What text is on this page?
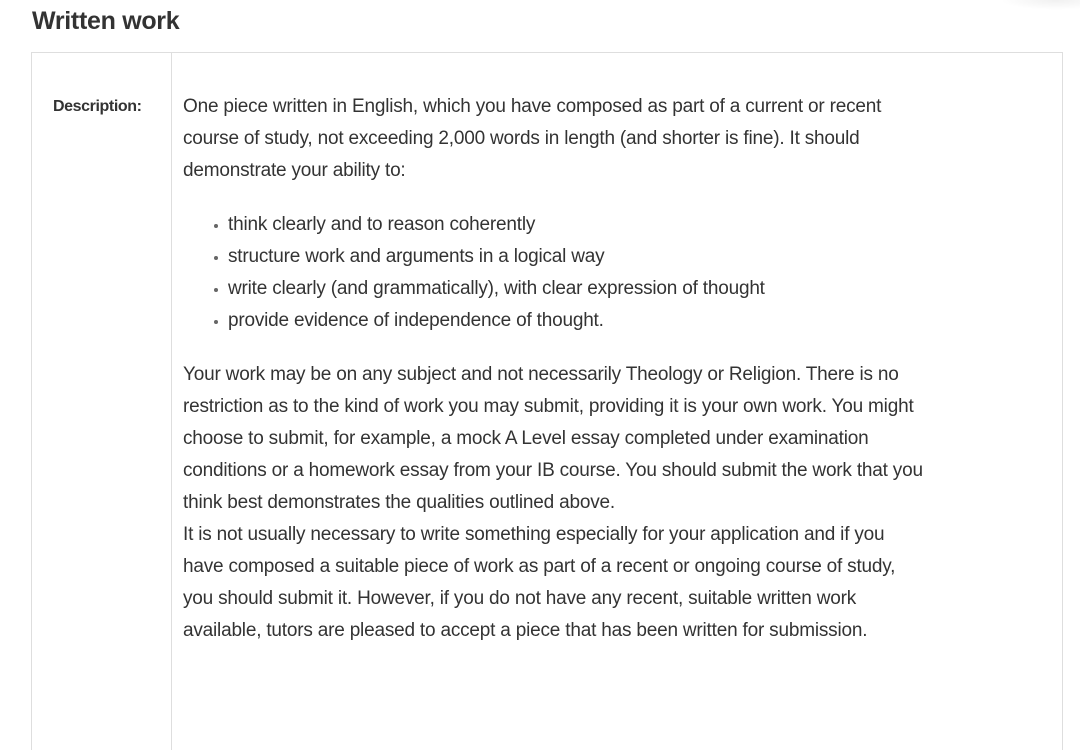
Written work
Description: One piece written in English, which you have composed as part of a current or recent course of study, not exceeding 2,000 words in length (and shorter is fine). It should demonstrate your ability to:

think clearly and to reason coherently
structure work and arguments in a logical way
write clearly (and grammatically), with clear expression of thought
provide evidence of independence of thought.

Your work may be on any subject and not necessarily Theology or Religion. There is no restriction as to the kind of work you may submit, providing it is your own work. You might choose to submit, for example, a mock A Level essay completed under examination conditions or a homework essay from your IB course. You should submit the work that you think best demonstrates the qualities outlined above.

It is not usually necessary to write something especially for your application and if you have composed a suitable piece of work as part of a recent or ongoing course of study, you should submit it. However, if you do not have any recent, suitable written work available, tutors are pleased to accept a piece that has been written for submission.
